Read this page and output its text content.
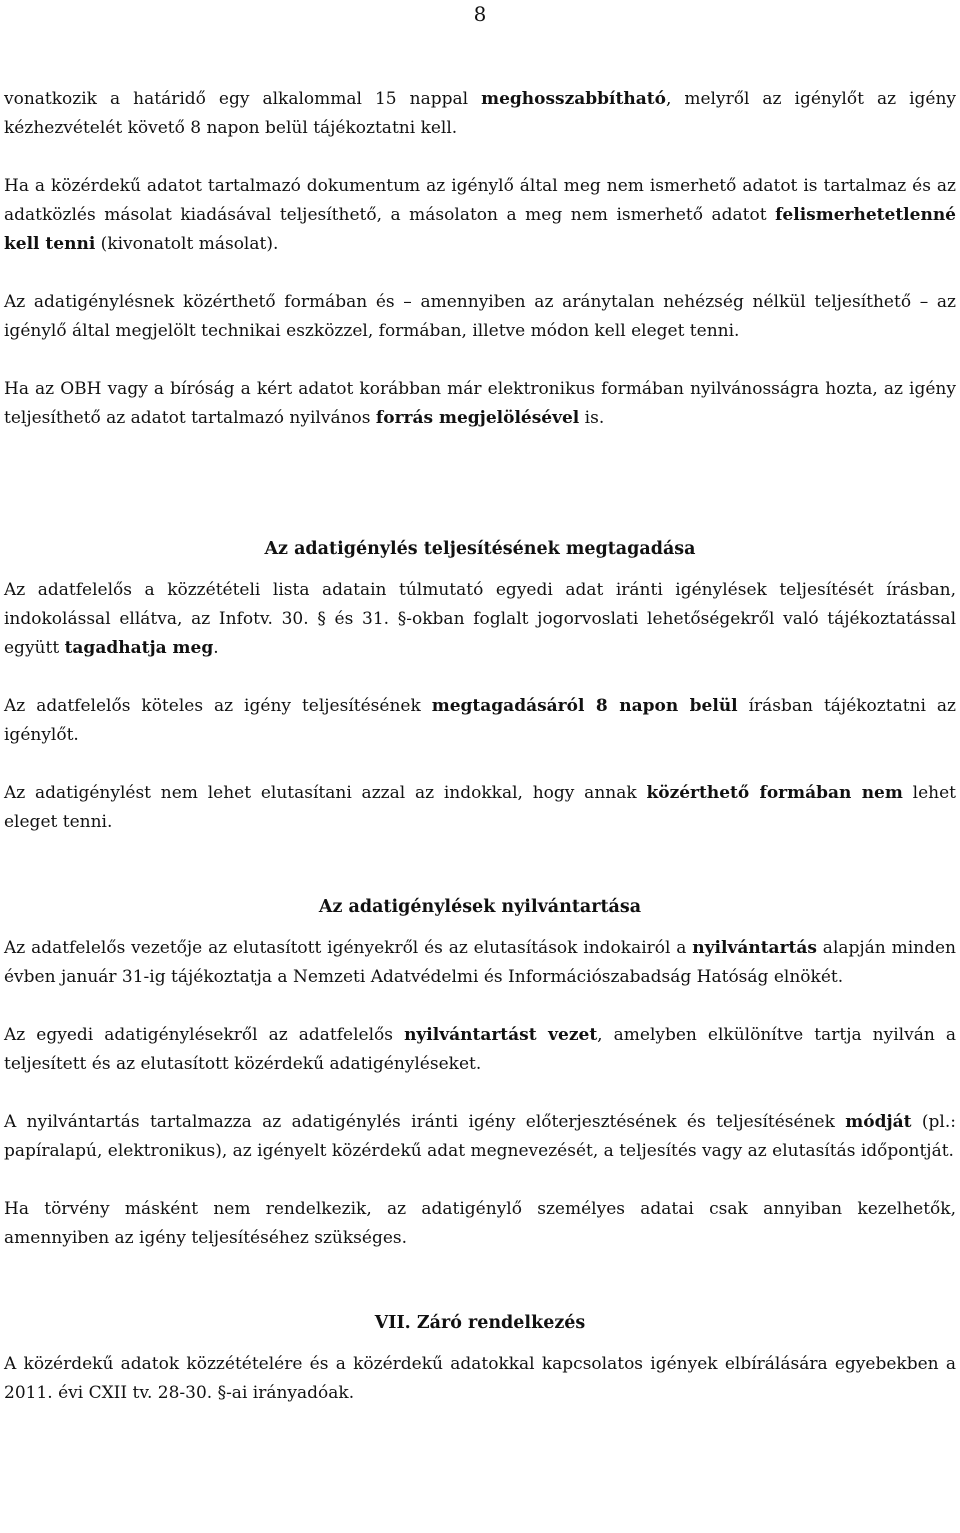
8

vonatkozik a határidő egy alkalommal 15 nappal meghosszabbítható, melyről az igénylőt az igény kézhezvételét követő 8 napon belül tájékoztatni kell.

Ha a közérdekű adatot tartalmazó dokumentum az igénylő által meg nem ismerhető adatot is tartalmaz és az adatközlés másolat kiadásával teljesíthető, a másolaton a meg nem ismerhető adatot felismerhetetlenné kell tenni (kivonatolt másolat).

Az adatigénylésnek közérthető formában és – amennyiben az aránytalan nehézség nélkül teljesíthető – az igénylő által megjelölt technikai eszközzel, formában, illetve módon kell eleget tenni.

Ha az OBH vagy a bíróság a kért adatot korábban már elektronikus formában nyilvánosságra hozta, az igény teljesíthető az adatot tartalmazó nyilvános forrás megjelölésével is.

Az adatigénylés teljesítésének megtagadása

Az adatfelelős a közzétételi lista adatain túlmutató egyedi adat iránti igénylések teljesítését írásban, indokolással ellátva, az Infotv. 30. § és 31. §-okban foglalt jogorvoslati lehetőségekről való tájékoztatással együtt tagadhatja meg.

Az adatfelelős köteles az igény teljesítésének megtagadásáról 8 napon belül írásban tájékoztatni az igénylőt.

Az adatigénylést nem lehet elutasítani azzal az indokkal, hogy annak közérthető formában nem lehet eleget tenni.

Az adatigénylések nyilvántartása

Az adatfelelős vezetője az elutasított igényekről és az elutasítások indokairól a nyilvántartás alapján minden évben január 31-ig tájékoztatja a Nemzeti Adatvédelmi és Információszabadság Hatóság elnökét.

Az egyedi adatigénylésekről az adatfelelős nyilvántartást vezet, amelyben elkülönítve tartja nyilván a teljesített és az elutasított közérdekű adatigényléseket.

A nyilvántartás tartalmazza az adatigénylés iránti igény előterjesztésének és teljesítésének módját (pl.: papíralapú, elektronikus), az igényelt közérdekű adat megnevezését, a teljesítés vagy az elutasítás időpontját.

Ha törvény másként nem rendelkezik, az adatigénylő személyes adatai csak annyiban kezelhetők, amennyiben az igény teljesítéséhez szükséges.

VII. Záró rendelkezés

A közérdekű adatok közzétételére és a közérdekű adatokkal kapcsolatos igények elbírálására egyebekben a 2011. évi CXII tv. 28-30. §-ai irányadóak.
